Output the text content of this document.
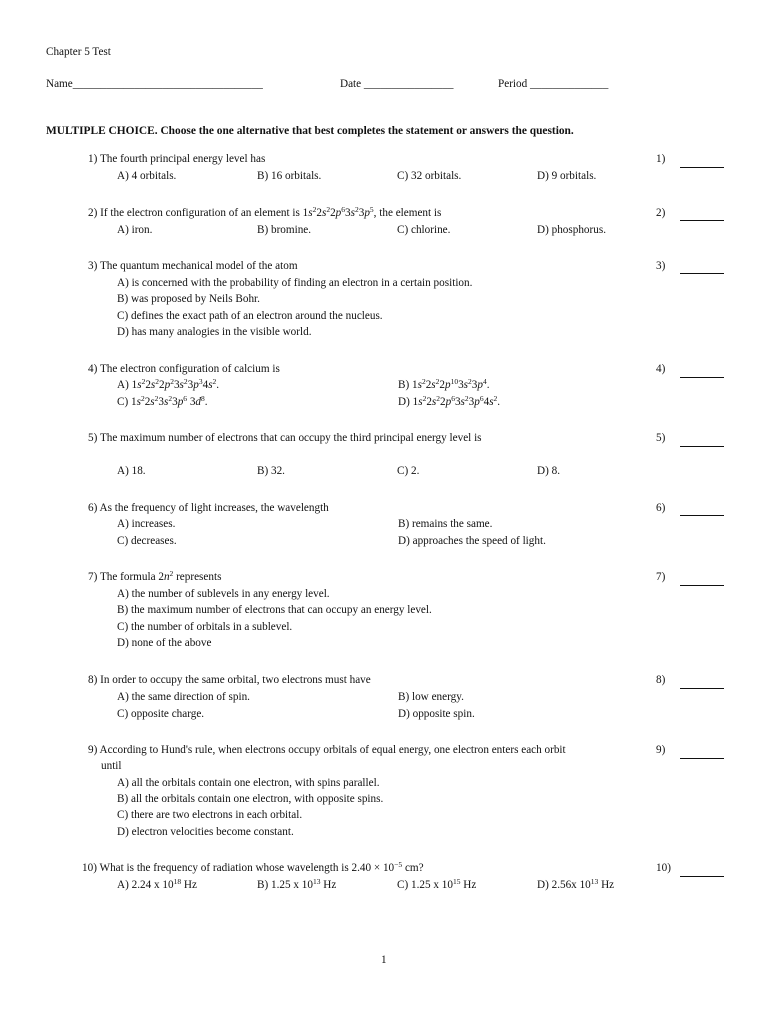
Chapter 5 Test
Name__________________________________	Date ________________	Period ______________
MULTIPLE CHOICE. Choose the one alternative that best completes the statement or answers the question.
1) The fourth principal energy level has
A) 4 orbitals.	B) 16 orbitals.	C) 32 orbitals.	D) 9 orbitals.
1)
2) If the electron configuration of an element is $1s^22s^22p^63s^23p^5$, the element is
A) iron.	B) bromine.	C) chlorine.	D) phosphorus.
2)
3) The quantum mechanical model of the atom
A) is concerned with the probability of finding an electron in a certain position.
B) was proposed by Neils Bohr.
C) defines the exact path of an electron around the nucleus.
D) has many analogies in the visible world.
3)
4) The electron configuration of calcium is
A) $1s^22s^22p^23s^23p^34s^2$.	B) $1s^22s^22p^{10}3s^23p^4$.
C) $1s^22s^23s^23p^6$ $3d^8$.	D) $1s^22s^22p^63s^23p^64s^2$.
4)
5) The maximum number of electrons that can occupy the third principal energy level is
A) 18.	B) 32.	C) 2.	D) 8.
5)
6) As the frequency of light increases, the wavelength
A) increases.	B) remains the same.
C) decreases.	D) approaches the speed of light.
6)
7) The formula $2n^2$ represents
A) the number of sublevels in any energy level.
B) the maximum number of electrons that can occupy an energy level.
C) the number of orbitals in a sublevel.
D) none of the above
7)
8) In order to occupy the same orbital, two electrons must have
A) the same direction of spin.	B) low energy.
C) opposite charge.	D) opposite spin.
8)
9) According to Hund's rule, when electrons occupy orbitals of equal energy, one electron enters each orbit
until
A) all the orbitals contain one electron, with spins parallel.
B) all the orbitals contain one electron, with opposite spins.
C) there are two electrons in each orbital.
D) electron velocities become constant.
9)
10) What is the frequency of radiation whose wavelength is $2.40 \times 10^{-5}$ cm?
A) 2.24 x $10^{18}$ Hz	B) 1.25 x $10^{13}$ Hz	C) 1.25 x $10^{15}$ Hz	D) 2.56x $10^{13}$ Hz
10)
1
